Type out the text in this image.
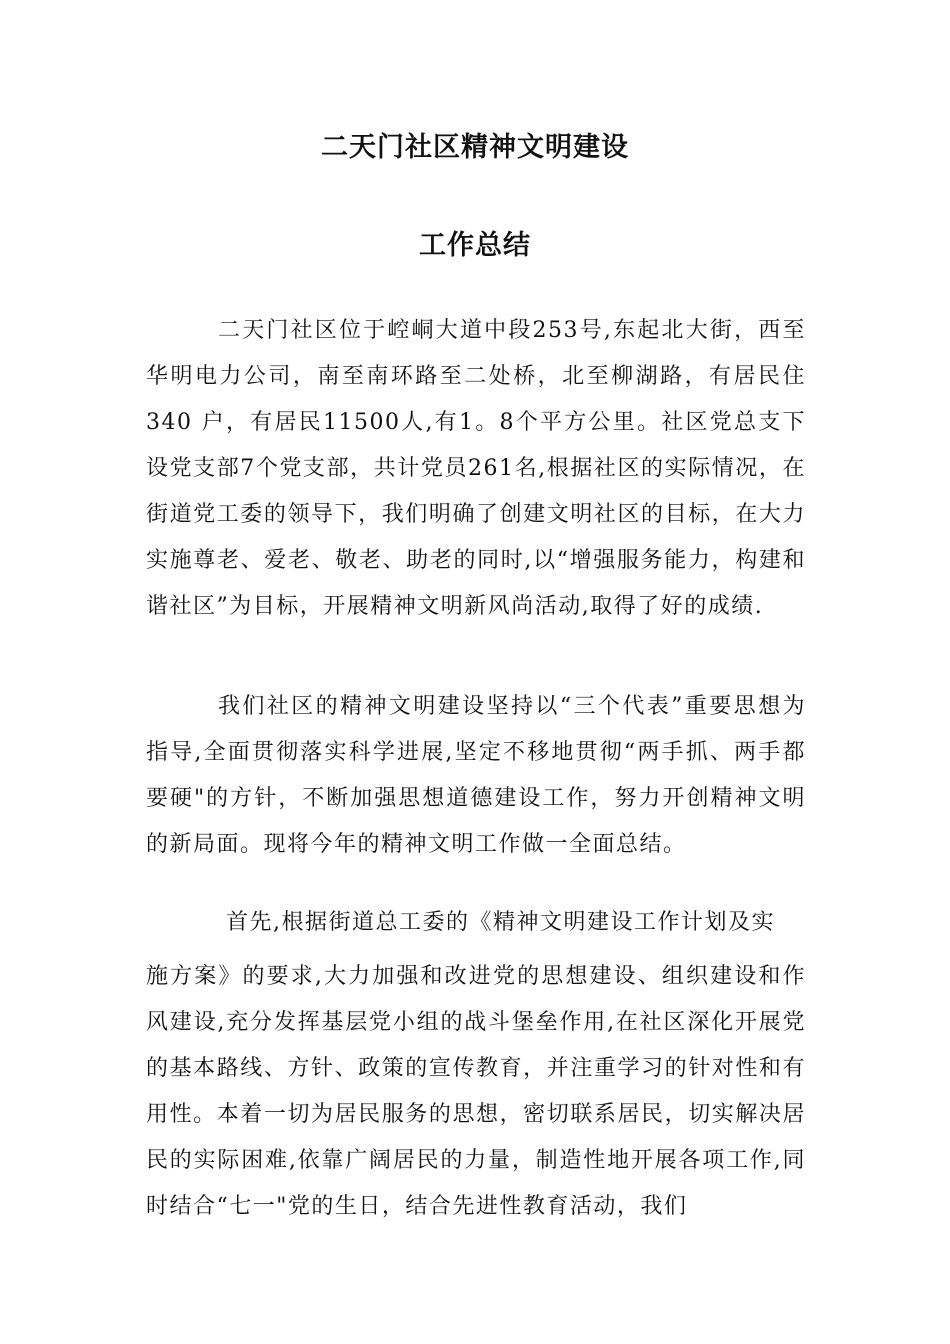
二天门社区精神文明建设
工作总结

二天门社区位于崆峒大道中段253号,东起北大街，西至华明电力公司，南至南环路至二处桥，北至柳湖路，有居民住340 户，有居民11500人,有1。8个平方公里。社区党总支下设党支部7个党支部，共计党员261名,根据社区的实际情况，在街道党工委的领导下，我们明确了创建文明社区的目标，在大力实施尊老、爱老、敬老、助老的同时,以“增强服务能力，构建和谐社区”为目标，开展精神文明新风尚活动,取得了好的成绩.

我们社区的精神文明建设坚持以“三个代表”重要思想为指导,全面贯彻落实科学进展,坚定不移地贯彻“两手抓、两手都要硬"的方针，不断加强思想道德建设工作，努力开创精神文明的新局面。现将今年的精神文明工作做一全面总结。

首先,根据街道总工委的《精神文明建设工作计划及实

施方案》的要求,大力加强和改进党的思想建设、组织建设和作风建设,充分发挥基层党小组的战斗堡垒作用,在社区深化开展党的基本路线、方针、政策的宣传教育，并注重学习的针对性和有用性。本着一切为居民服务的思想，密切联系居民，切实解决居民的实际困难,依靠广阔居民的力量，制造性地开展各项工作,同时结合“七一"党的生日，结合先进性教育活动，我们
